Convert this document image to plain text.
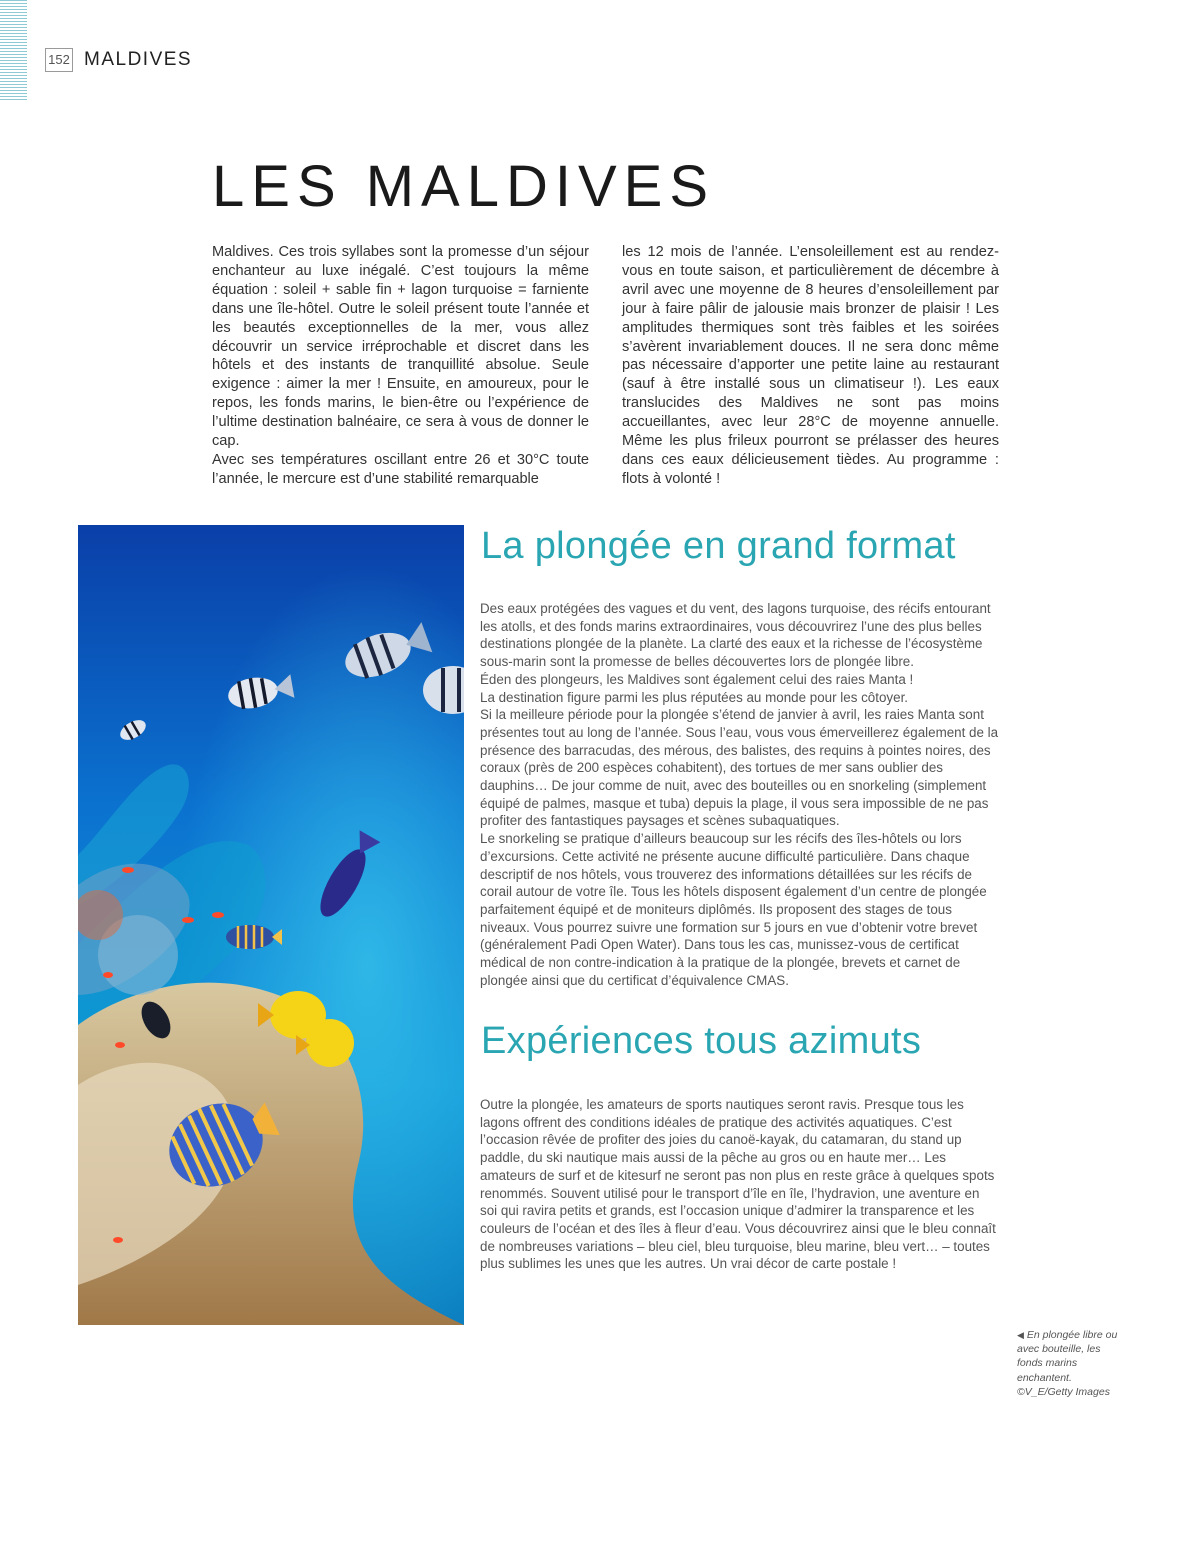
152 MALDIVES
LES MALDIVES

Maldives. Ces trois syllabes sont la promesse d’un séjour enchanteur au luxe inégalé. C’est toujours la même équation : soleil + sable fin + lagon turquoise = farniente dans une île-hôtel. Outre le soleil présent toute l’année et les beautés exceptionnelles de la mer, vous allez découvrir un service irréprochable et discret dans les hôtels et des instants de tranquillité absolue. Seule exigence : aimer la mer ! Ensuite, en amoureux, pour le repos, les fonds marins, le bien-être ou l’expérience de l’ultime destination balnéaire, ce sera à vous de donner le cap.

Avec ses températures oscillant entre 26 et 30°C toute l’année, le mercure est d’une stabilité remarquable

les 12 mois de l’année. L’ensoleillement est au rendez-vous en toute saison, et particulièrement de décembre à avril avec une moyenne de 8 heures d’ensoleillement par jour à faire pâlir de jalousie mais bronzer de plaisir ! Les amplitudes thermiques sont très faibles et les soirées s’avèrent invariablement douces. Il ne sera donc même pas nécessaire d’apporter une petite laine au restaurant (sauf à être installé sous un climatiseur !). Les eaux translucides des Maldives ne sont pas moins accueillantes, avec leur 28°C de moyenne annuelle. Même les plus frileux pourront se prélasser des heures dans ces eaux délicieusement tièdes. Au programme : flots à volonté !

La plongée en grand format

Des eaux protégées des vagues et du vent, des lagons turquoise, des récifs entourant les atolls, et des fonds marins extraordinaires, vous découvrirez l’une des plus belles destinations plongée de la planète. La clarté des eaux et la richesse de l’écosystème sous-marin sont la promesse de belles découvertes lors de plongée libre.

Éden des plongeurs, les Maldives sont également celui des raies Manta !

La destination figure parmi les plus réputées au monde pour les côtoyer.

Si la meilleure période pour la plongée s’étend de janvier à avril, les raies Manta sont présentes tout au long de l’année. Sous l’eau, vous vous émerveillerez également de la présence des barracudas, des mérous, des balistes, des requins à pointes noires, des coraux (près de 200 espèces cohabitent), des tortues de mer sans oublier des dauphins… De jour comme de nuit, avec des bouteilles ou en snorkeling (simplement équipé de palmes, masque et tuba) depuis la plage, il vous sera impossible de ne pas profiter des fantastiques paysages et scènes subaquatiques.

Le snorkeling se pratique d’ailleurs beaucoup sur les récifs des îles-hôtels ou lors d’excursions. Cette activité ne présente aucune difficulté particulière. Dans chaque descriptif de nos hôtels, vous trouverez des informations détaillées sur les récifs de corail autour de votre île. Tous les hôtels disposent également d’un centre de plongée parfaitement équipé et de moniteurs diplômés. Ils proposent des stages de tous niveaux. Vous pourrez suivre une formation sur 5 jours en vue d’obtenir votre brevet (généralement Padi Open Water). Dans tous les cas, munissez-vous de certificat médical de non contre-indication à la pratique de la plongée, brevets et carnet de plongée ainsi que du certificat d’équivalence CMAS.

Expériences tous azimuts

Outre la plongée, les amateurs de sports nautiques seront ravis. Presque tous les lagons offrent des conditions idéales de pratique des activités aquatiques. C’est l’occasion rêvée de profiter des joies du canoë-kayak, du catamaran, du stand up paddle, du ski nautique mais aussi de la pêche au gros ou en haute mer… Les amateurs de surf et de kitesurf ne seront pas non plus en reste grâce à quelques spots renommés. Souvent utilisé pour le transport d’île en île, l’hydravion, une aventure en soi qui ravira petits et grands, est l’occasion unique d’admirer la transparence et les couleurs de l’océan et des îles à fleur d’eau. Vous découvrirez ainsi que le bleu connaît de nombreuses variations – bleu ciel, bleu turquoise, bleu marine, bleu vert… – toutes plus sublimes les unes que les autres. Un vrai décor de carte postale !

◀ En plongée libre ou avec bouteille, les fonds marins enchantent.
©V_E/Getty Images
